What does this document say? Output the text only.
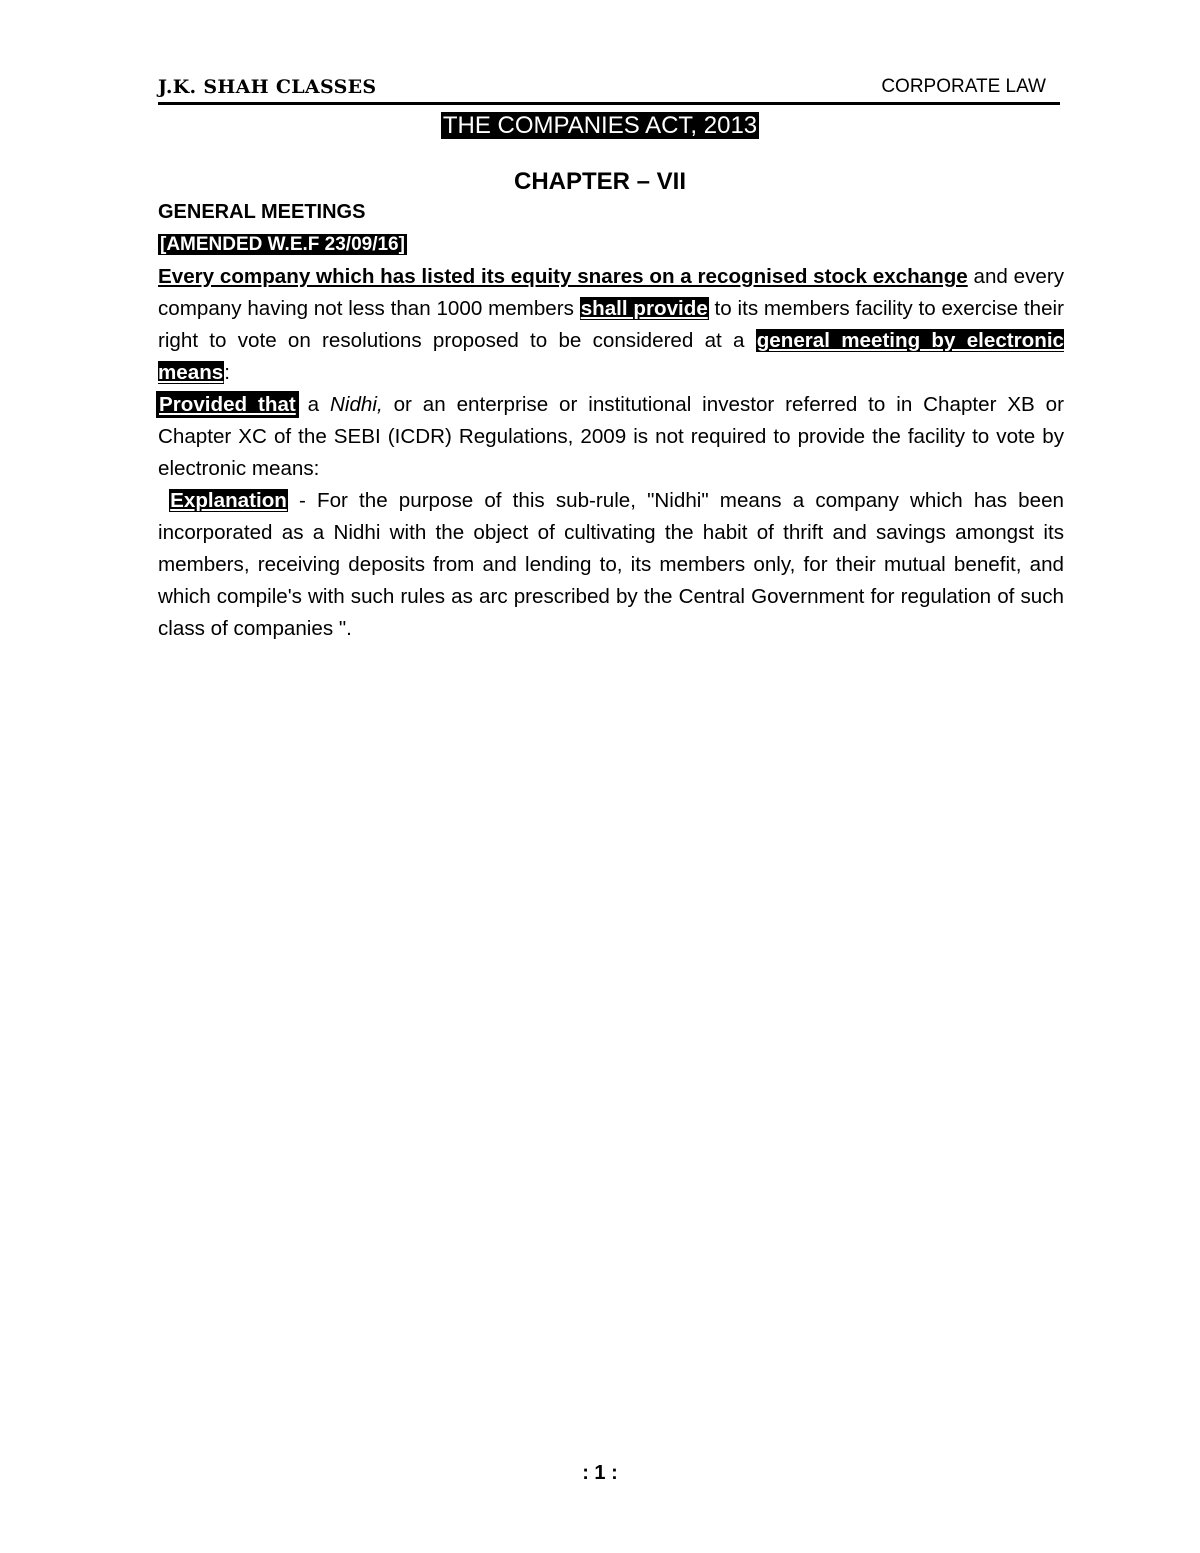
J.K. SHAH CLASSES	CORPORATE LAW
THE COMPANIES ACT, 2013
CHAPTER – VII

GENERAL MEETINGS

[AMENDED W.E.F 23/09/16]

Every company which has listed its equity snares on a recognised stock exchange and every company having not less than 1000 members shall provide to its members facility to exercise their right to vote on resolutions proposed to be considered at a general meeting by electronic means:

Provided that a Nidhi, or an enterprise or institutional investor referred to in Chapter XB or Chapter XC of the SEBI (ICDR) Regulations, 2009 is not required to provide the facility to vote by electronic means:

Explanation - For the purpose of this sub-rule, "Nidhi" means a company which has been incorporated as a Nidhi with the object of cultivating the habit of thrift and savings amongst its members, receiving deposits from and lending to, its members only, for their mutual benefit, and which compile's with such rules as arc prescribed by the Central Government for regulation of such class of companies ".

: 1 :
